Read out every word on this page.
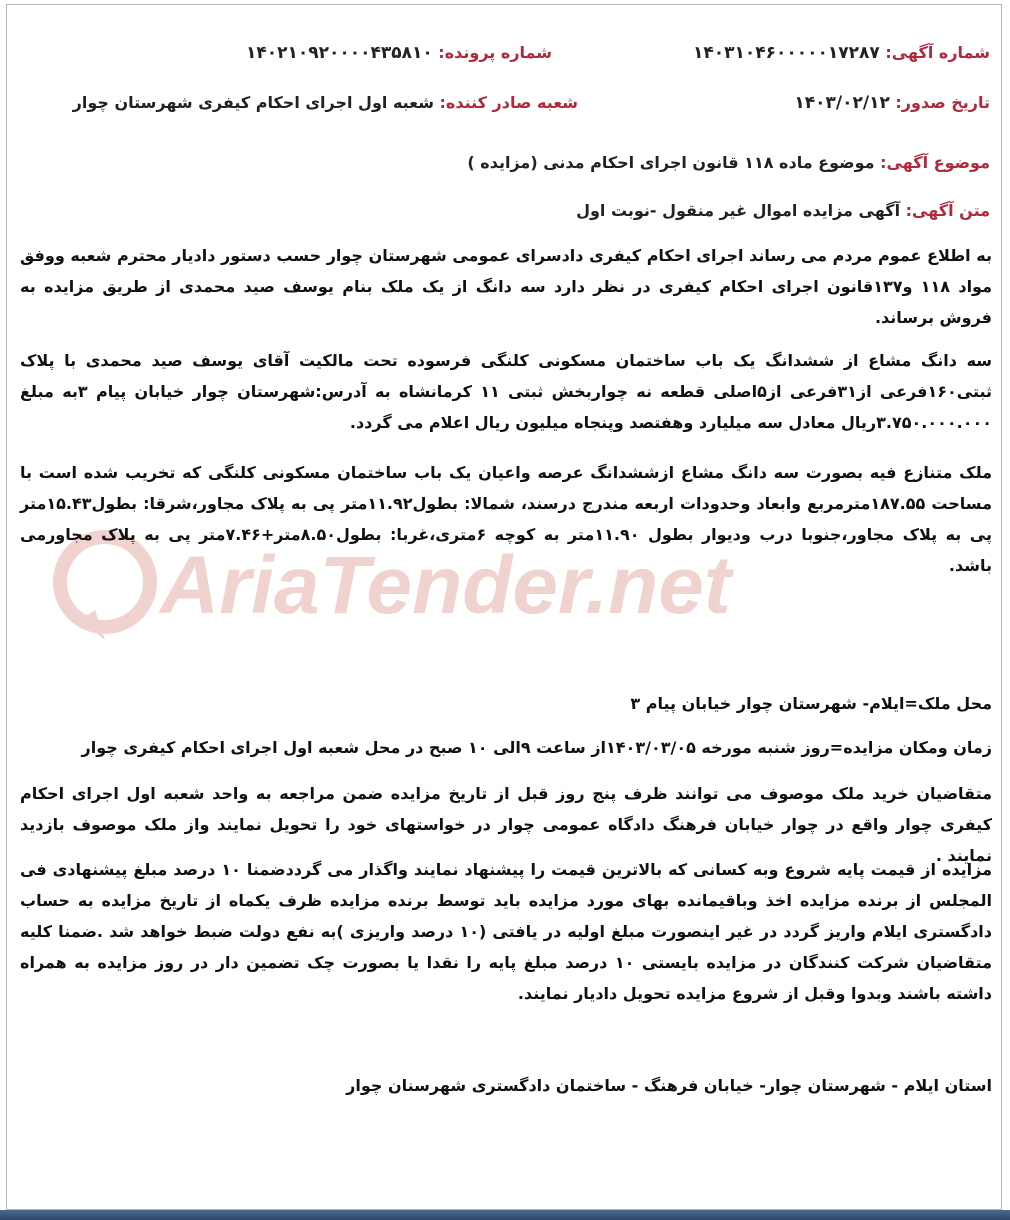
شماره آگهی: ۱۴۰۳۱۰۴۶۰۰۰۰۰۱۷۲۸۷
شماره پرونده: ۱۴۰۲۱۰۹۲۰۰۰۰۴۳۵۸۱۰
تاریخ صدور: ۱۴۰۳/۰۲/۱۲
شعبه صادر کننده: شعبه اول اجرای احکام کیفری شهرستان چوار
موضوع آگهی: موضوع ماده ۱۱۸ قانون اجرای احکام مدنی (مزایده )
متن آگهی: آگهی مزایده اموال غیر منقول -نوبت اول
AriaTender.net
به اطلاع عموم مردم می رساند اجرای احکام کیفری دادسرای عمومی شهرستان چوار حسب دستور دادیار محترم شعبه ووفق مواد ۱۱۸ و۱۳۷قانون اجرای احکام کیفری در نظر دارد سه دانگ از یک ملک بنام یوسف صید محمدی از طریق مزایده به فروش برساند.
سه دانگ مشاع از ششدانگ یک باب ساختمان مسکونی کلنگی فرسوده تحت مالکیت آقای یوسف صید محمدی با پلاک ثبتی۱۶۰فرعی از۳۱فرعی از۵اصلی قطعه نه چواربخش ثبتی ۱۱ کرمانشاه به آدرس:شهرستان چوار خیابان پیام ۳به مبلغ ۳.۷۵۰.۰۰۰.۰۰۰ریال معادل سه میلیارد وهفتصد وپنجاه میلیون ریال اعلام می گردد.
ملک متنازع فیه بصورت سه دانگ مشاع ازششدانگ عرصه واعیان یک باب ساختمان مسکونی کلنگی که تخریب شده است با مساحت ۱۸۷.۵۵مترمربع وابعاد وحدودات اربعه مندرج درسند، شمالا: بطول۱۱.۹۲متر پی به پلاک مجاور،شرقا: بطول۱۵.۴۳متر پی به پلاک مجاور،جنوبا درب ودیوار بطول ۱۱.۹۰متر به کوچه ۶متری،غربا: بطول۸.۵۰متر+۷.۴۶متر پی به پلاک مجاورمی باشد.
محل ملک=ایلام- شهرستان چوار خیابان پیام ۳
زمان ومکان مزایده=روز شنبه مورخه ۱۴۰۳/۰۳/۰۵از ساعت ۹الی ۱۰ صبح در محل شعبه اول اجرای احکام کیفری چوار
متقاضیان خرید ملک موصوف می توانند ظرف پنج روز قبل از تاریخ مزایده ضمن مراجعه به واحد شعبه اول اجرای احکام کیفری چوار واقع در چوار خیابان فرهنگ دادگاه عمومی چوار در خواستهای خود را تحویل نمایند واز ملک موصوف بازدید نمایند .
مزایده از قیمت پایه شروع وبه کسانی که بالاترین قیمت را پیشنهاد نمایند واگذار می گرددضمنا ۱۰ درصد مبلغ پیشنهادی فی المجلس از برنده مزایده اخذ وباقیمانده بهای مورد مزایده باید توسط برنده مزایده ظرف یکماه از تاریخ مزایده به حساب دادگستری ایلام واریز گردد در غیر اینصورت مبلغ اولیه در یافتی (۱۰ درصد واریزی )به نفع دولت ضبط خواهد شد .ضمنا کلیه متقاضیان شرکت کنندگان در مزایده بایستی ۱۰ درصد مبلغ پایه را نقدا یا بصورت چک تضمین دار در روز مزایده به همراه داشته باشند وبدوا وقبل از شروع مزایده تحویل دادیار نمایند.
استان ایلام - شهرستان چوار- خیابان فرهنگ - ساختمان دادگستری شهرسنان چوار
